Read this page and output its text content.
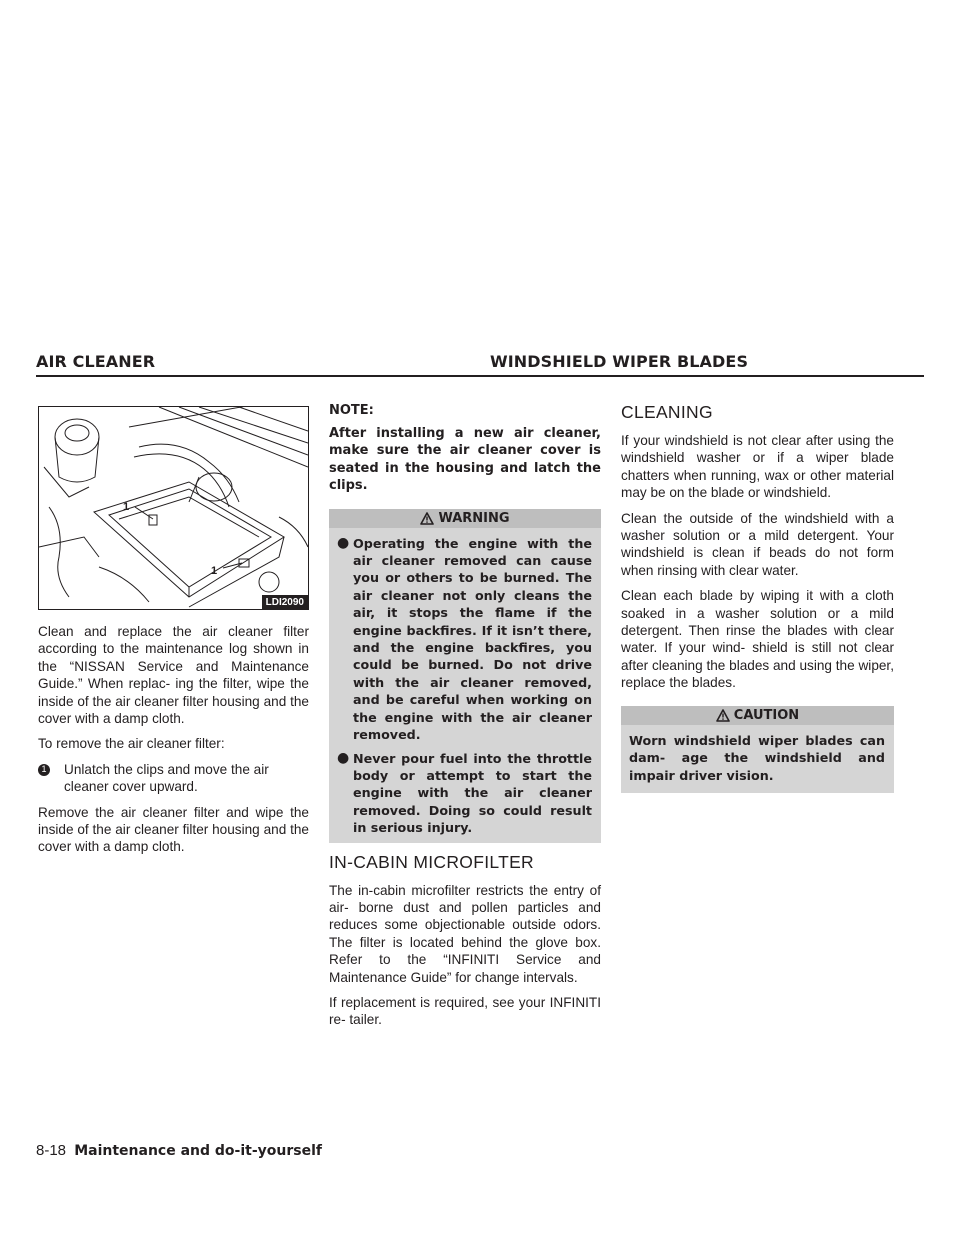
AIR CLEANER	WINDSHIELD WIPER BLADES
1
1
LDI2090

Clean and replace the air cleaner filter according to the maintenance log shown in the “NISSAN Service and Maintenance Guide.” When replac- ing the filter, wipe the inside of the air cleaner filter housing and the cover with a damp cloth.

To remove the air cleaner filter:

1 Unlatch the clips and move the air cleaner cover upward.

Remove the air cleaner filter and wipe the inside of the air cleaner filter housing and the cover with a damp cloth.

NOTE:

After installing a new air cleaner, make sure the air cleaner cover is seated in the housing and latch the clips.

WARNING
● Operating the engine with the air cleaner removed can cause you or others to be burned. The air cleaner not only cleans the air, it stops the flame if the engine backfires. If it isn’t there, and the engine backfires, you could be burned. Do not drive with the air cleaner removed, and be careful when working on the engine with the air cleaner removed.
● Never pour fuel into the throttle body or attempt to start the engine with the air cleaner removed. Doing so could result in serious injury.
IN-CABIN MICROFILTER

The in-cabin microfilter restricts the entry of air- borne dust and pollen particles and reduces some objectionable outside odors. The filter is located behind the glove box. Refer to the “INFINITI Service and Maintenance Guide” for change intervals.

If replacement is required, see your INFINITI re- tailer.

CLEANING

If your windshield is not clear after using the windshield washer or if a wiper blade chatters when running, wax or other material may be on the blade or windshield.

Clean the outside of the windshield with a washer solution or a mild detergent. Your windshield is clean if beads do not form when rinsing with clear water.

Clean each blade by wiping it with a cloth soaked in a washer solution or a mild detergent. Then rinse the blades with clear water. If your wind- shield is still not clear after cleaning the blades and using the wiper, replace the blades.

CAUTION
Worn windshield wiper blades can dam- age the windshield and impair driver vision.
8-18 Maintenance and do-it-yourself
